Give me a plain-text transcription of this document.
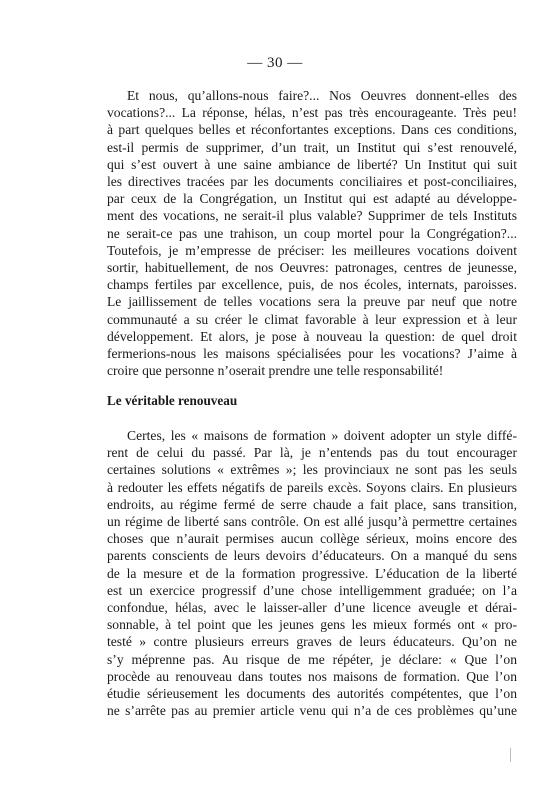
— 30 —
Et nous, qu’allons-nous faire?... Nos Oeuvres donnent-elles des
vocations?... La réponse, hélas, n’est pas très encourageante. Très peu!
à part quelques belles et réconfortantes exceptions. Dans ces conditions,
est-il permis de supprimer, d’un trait, un Institut qui s’est renouvelé,
qui s’est ouvert à une saine ambiance de liberté? Un Institut qui suit
les directives tracées par les documents conciliaires et post-conciliaires,
par ceux de la Congrégation, un Institut qui est adapté au développe-
ment des vocations, ne serait-il plus valable? Supprimer de tels Instituts
ne serait-ce pas une trahison, un coup mortel pour la Congrégation?...
Toutefois, je m’empresse de préciser: les meilleures vocations doivent
sortir, habituellement, de nos Oeuvres: patronages, centres de jeunesse,
champs fertiles par excellence, puis, de nos écoles, internats, paroisses.
Le jaillissement de telles vocations sera la preuve par neuf que notre
communauté a su créer le climat favorable à leur expression et à leur
développement. Et alors, je pose à nouveau la question: de quel droit
fermerions-nous les maisons spécialisées pour les vocations? J’aime à
croire que personne n’oserait prendre une telle responsabilité!
Le véritable renouveau
Certes, les « maisons de formation » doivent adopter un style diffé-
rent de celui du passé. Par là, je n’entends pas du tout encourager
certaines solutions « extrêmes »; les provinciaux ne sont pas les seuls
à redouter les effets négatifs de pareils excès. Soyons clairs. En plusieurs
endroits, au régime fermé de serre chaude a fait place, sans transition,
un régime de liberté sans contrôle. On est allé jusqu’à permettre certaines
choses que n’aurait permises aucun collège sérieux, moins encore des
parents conscients de leurs devoirs d’éducateurs. On a manqué du sens
de la mesure et de la formation progressive. L’éducation de la liberté
est un exercice progressif d’une chose intelligemment graduée; on l’a
confondue, hélas, avec le laisser-aller d’une licence aveugle et dérai-
sonnable, à tel point que les jeunes gens les mieux formés ont « pro-
testé » contre plusieurs erreurs graves de leurs éducateurs. Qu’on ne
s’y méprenne pas. Au risque de me répéter, je déclare: « Que l’on
procède au renouveau dans toutes nos maisons de formation. Que l’on
étudie sérieusement les documents des autorités compétentes, que l’on
ne s’arrête pas au premier article venu qui n’a de ces problèmes qu’une
